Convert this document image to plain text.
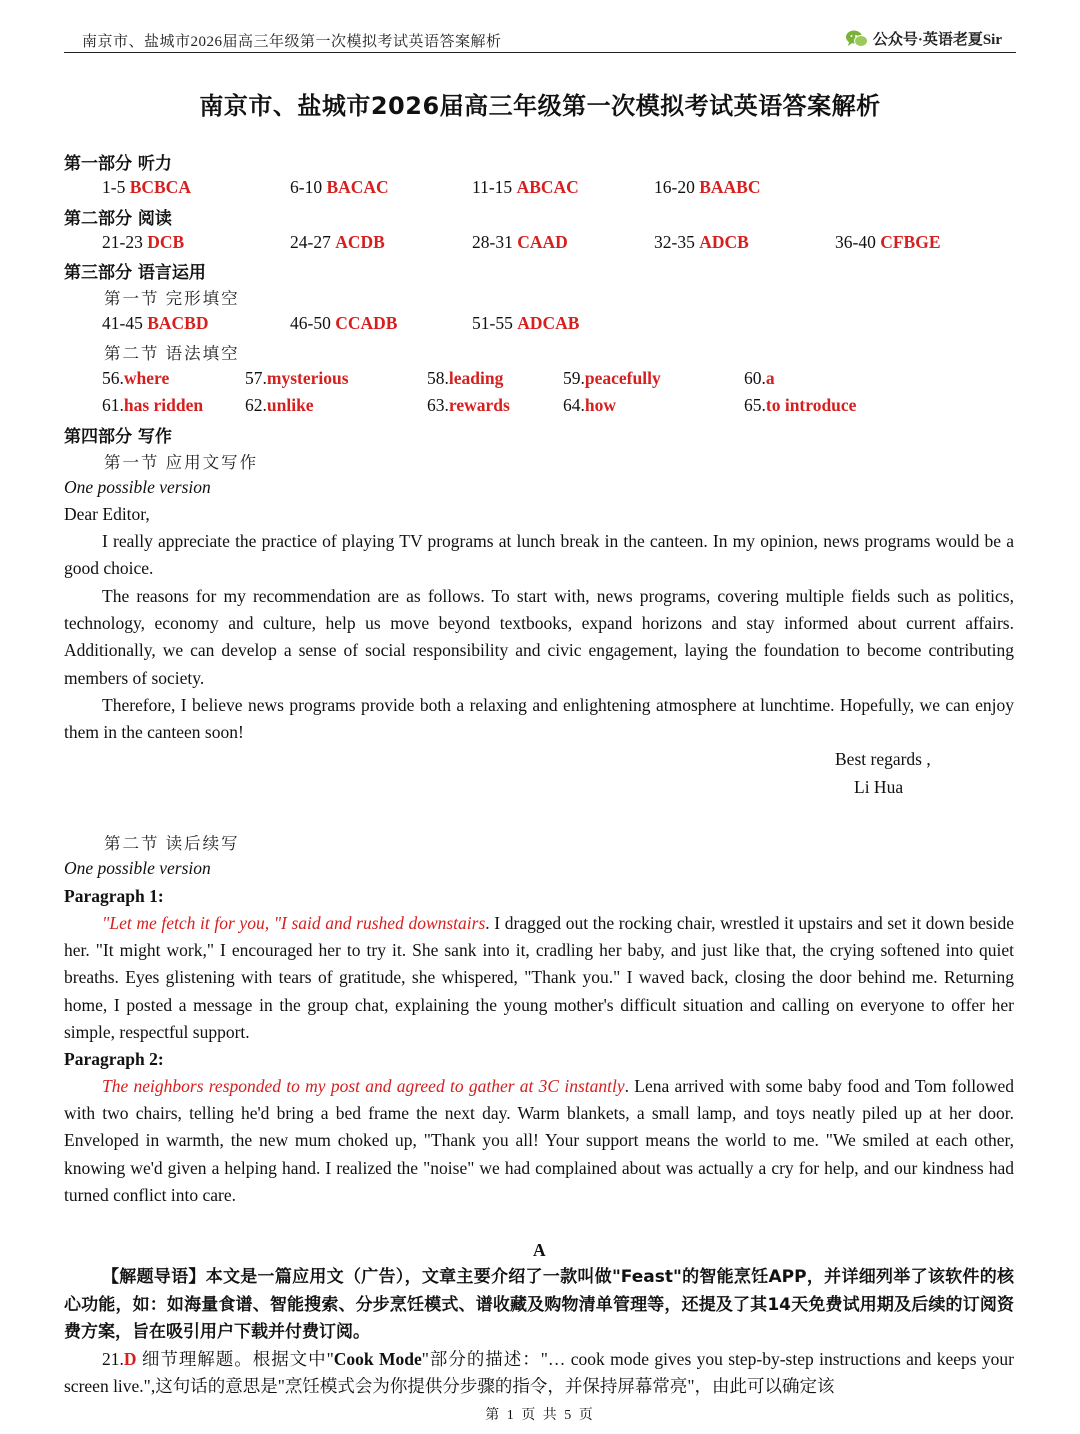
南京市、盐城市2026届高三年级第一次模拟考试英语答案解析	公众号·英语老夏Sir
南京市、盐城市2026届高三年级第一次模拟考试英语答案解析
第一部分 听力
1-5 BCBCA	6-10 BACAC	11-15 ABCAC	16-20 BAABC
第二部分 阅读
21-23 DCB	24-27 ACDB	28-31 CAAD	32-35 ADCB	36-40 CFBGE
第三部分 语言运用
第一节 完形填空
41-45 BACBD	46-50 CCADB	51-55 ADCAB
第二节 语法填空
56.where	57.mysterious	58.leading	59.peacefully	60.a
61.has ridden 62.unlike	63.rewards	64.how	65.to introduce
第四部分 写作
第一节 应用文写作
One possible version
Dear Editor,
I really appreciate the practice of playing TV programs at lunch break in the canteen. In my opinion, news programs would be a good choice.
The reasons for my recommendation are as follows. To start with, news programs, covering multiple fields such as politics, technology, economy and culture, help us move beyond textbooks, expand horizons and stay informed about current affairs. Additionally, we can develop a sense of social responsibility and civic engagement, laying the foundation to become contributing members of society.
Therefore, I believe news programs provide both a relaxing and enlightening atmosphere at lunchtime. Hopefully, we can enjoy them in the canteen soon!
Best regards ,
Li Hua
第二节 读后续写
One possible version
Paragraph 1:
"Let me fetch it for you, "I said and rushed downstairs. I dragged out the rocking chair, wrestled it upstairs and set it down beside her. "It might work," I encouraged her to try it. She sank into it, cradling her baby, and just like that, the crying softened into quiet breaths. Eyes glistening with tears of gratitude, she whispered, "Thank you." I waved back, closing the door behind me. Returning home, I posted a message in the group chat, explaining the young mother's difficult situation and calling on everyone to offer her simple, respectful support.
Paragraph 2:
The neighbors responded to my post and agreed to gather at 3C instantly. Lena arrived with some baby food and Tom followed with two chairs, telling he'd bring a bed frame the next day. Warm blankets, a small lamp, and toys neatly piled up at her door. Enveloped in warmth, the new mum choked up, "Thank you all! Your support means the world to me. "We smiled at each other, knowing we'd given a helping hand. I realized the "noise" we had complained about was actually a cry for help, and our kindness had turned conflict into care.
A
【解题导语】本文是一篇应用文（广告），文章主要介绍了一款叫做"Feast"的智能烹饪APP，并详细列举了该软件的核心功能，如：如海量食谱、智能搜索、分步烹饪模式、谱收藏及购物清单管理等，还提及了其14天免费试用期及后续的订阅资费方案，旨在吸引用户下载并付费订阅。
21.D 细节理解题。根据文中"Cook Mode"部分的描述："… cook mode gives you step-by-step instructions and keeps your screen live.",这句话的意思是"烹饪模式会为你提供分步骤的指令，并保持屏幕常亮"，由此可以确定该
第 1 页 共 5 页
